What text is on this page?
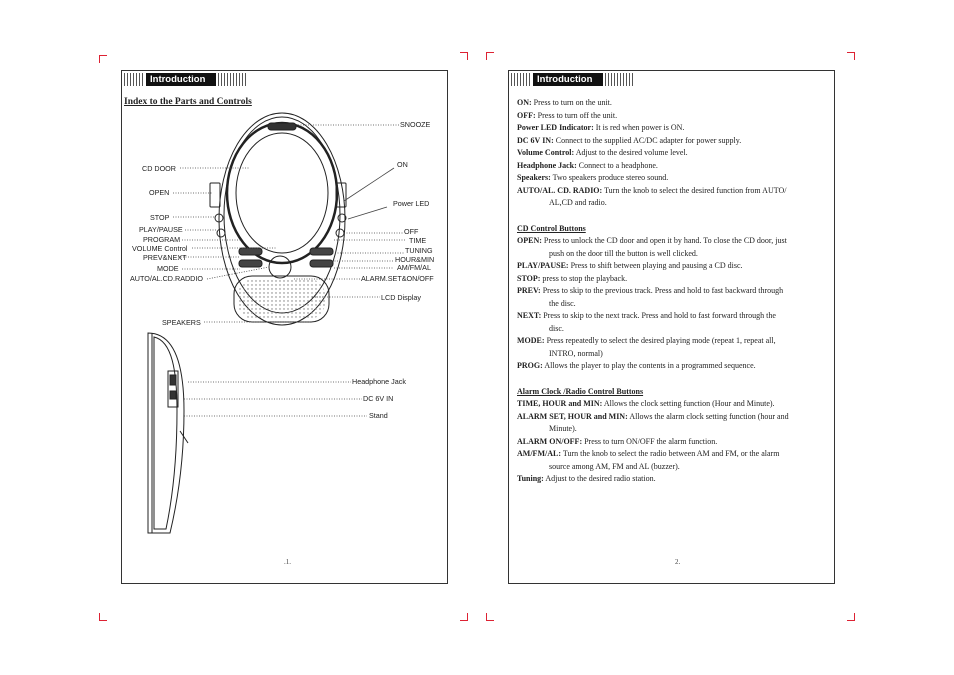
Introduction
Index to the Parts and Controls
SNOOZE
CD DOOR	ON
OPEN
Power LED
STOP
PLAY/PAUSE
PROGRAM
VOLUME Control
PREV&NEXT
MODE
AUTO/AL.CD.RADDIO
OFF
TIME
TUNING
HOUR&MIN
AM/FM/AL
ALARM.SET&ON/OFF
LCD Display
SPEAKERS
Headphone Jack
DC 6V IN
Stand
.1.
Introduction
2.
ON: Press to turn on the unit.
OFF: Press to turn off the unit.
Power LED Indicator: It is red when power is ON.
DC 6V IN: Connect to the supplied AC/DC adapter for power supply.
Volume Control: Adjust to the desired volume level.
Headphone Jack: Connect to a headphone.
Speakers: Two speakers produce stereo sound.
AUTO/AL. CD. RADIO: Turn the knob to select the desired function from AUTO/
AL,CD and radio.
CD Control Buttons
OPEN: Press to unlock the CD door and open it by hand. To close the CD door, just
push on the door till the button is well clicked.
PLAY/PAUSE: Press to shift between playing and pausing a CD disc.
STOP: press to stop the playback.
PREV: Press to skip to the previous track. Press and hold to fast backward through
the disc.
NEXT: Press to skip to the next track. Press and hold to fast forward through the
disc.
MODE: Press repeatedly to select the desired playing mode (repeat 1, repeat all,
INTRO, normal)
PROG: Allows the player to play the contents in a programmed sequence.
Alarm Clock /Radio Control Buttons
TIME, HOUR and MIN: Allows the clock setting function (Hour and Minute).
ALARM SET, HOUR and MIN: Allows the alarm clock setting function (hour and
Minute).
ALARM ON/OFF: Press to turn ON/OFF the alarm function.
AM/FM/AL: Turn the knob to select the radio between AM and FM, or the alarm
source among AM, FM and AL (buzzer).
Tuning: Adjust to the desired radio station.
